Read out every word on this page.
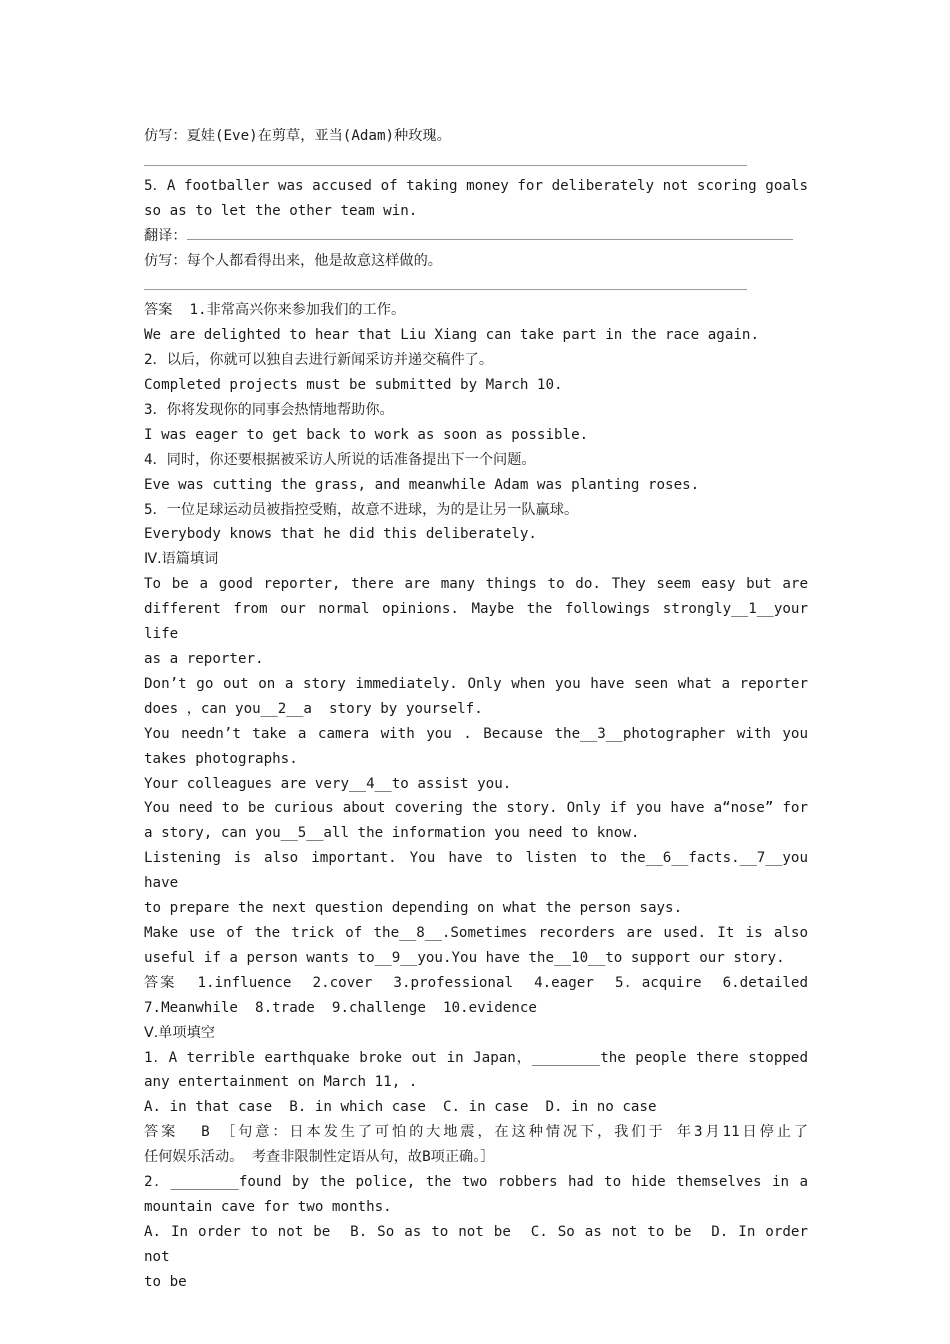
仿写：夏娃(Eve)在剪草，亚当(Adam)种玫瑰。
5．A footballer was accused of taking money for deliberately not scoring goals
so as to let the other team win.
翻译：
仿写：每个人都看得出来，他是故意这样做的。
答案  1.非常高兴你来参加我们的工作。
We are delighted to hear that Liu Xiang can take part in the race again.
2．以后，你就可以独自去进行新闻采访并递交稿件了。
Completed projects must be submitted by March 10.
3．你将发现你的同事会热情地帮助你。
I was eager to get back to work as soon as possible.
4．同时，你还要根据被采访人所说的话准备提出下一个问题。
Eve was cutting the grass, and meanwhile Adam was planting roses.
5．一位足球运动员被指控受贿，故意不进球，为的是让另一队赢球。
Everybody knows that he did this deliberately.
Ⅳ.语篇填词
To be a good reporter, there are many things to do. They seem easy but are
different from our normal opinions. Maybe the followings strongly__1__your life
as a reporter.
Don’t go out on a story immediately. Only when you have seen what a reporter
does ，can you__2__a  story by yourself.
You needn’t take a camera with you . Because the__3__photographer with you
takes photographs.
Your colleagues are very__4__to assist you.
You need to be curious about covering the story. Only if you have a“nose” for
a story, can you__5__all the information you need to know.
Listening is also important. You have to listen to the__6__facts.__7__you have
to prepare the next question depending on what the person says.
Make use of the trick of the__8__.Sometimes recorders are used. It is also
useful if a person wants to__9__you.You have the__10__to support our story.
答案  1.influence  2.cover  3.professional  4.eager  5．acquire  6.detailed
7.Meanwhile  8.trade  9.challenge  10.evidence
Ⅴ.单项填空
1．A terrible earthquake broke out in Japan，________the people there stopped
any entertainment on March 11, .
A. in that case  B. in which case  C. in case  D. in no case
答案  B ［句意：日本发生了可怕的大地震，在这种情况下，我们于 年3月11日停止了
任何娱乐活动。 考查非限制性定语从句，故B项正确。］
2．________found by the police, the two robbers had to hide themselves in a
mountain cave for two months.
A. In order to not be  B. So as to not be  C. So as not to be  D. In order not
to be
